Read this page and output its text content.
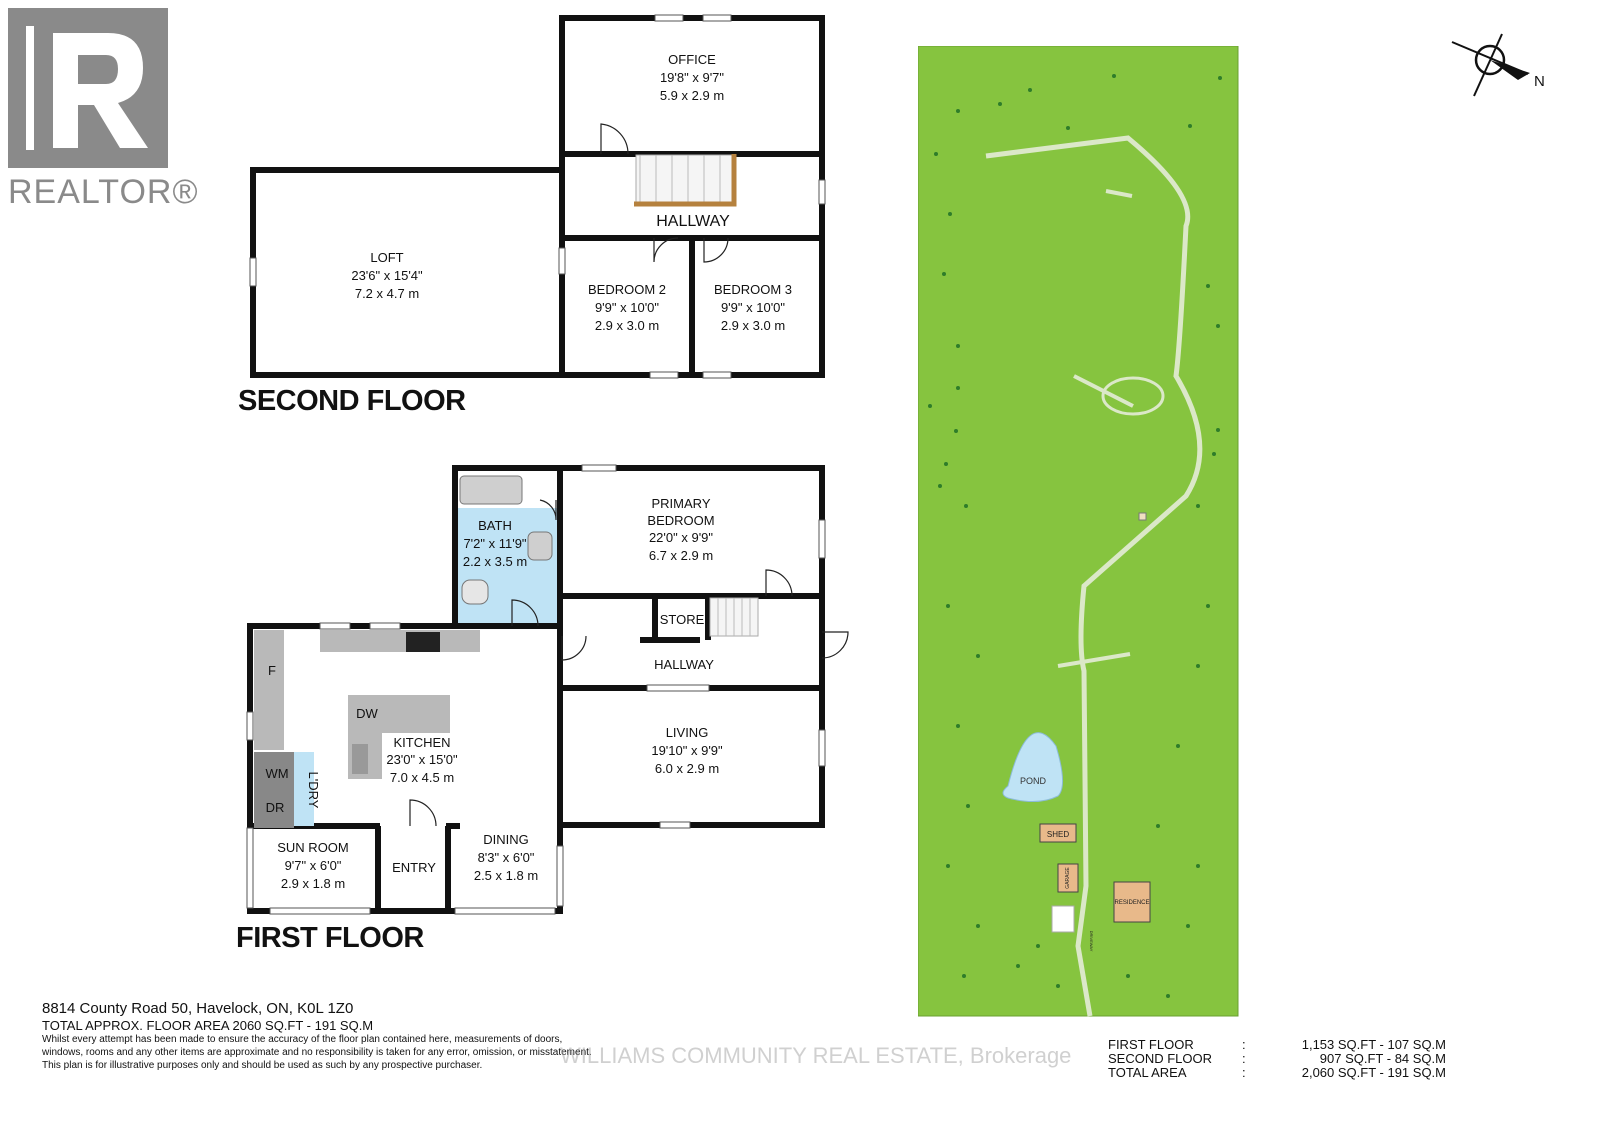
REALTOR®
N
OFFICE
19'8" x 9'7"
5.9 x 2.9 m
HALLWAY
LOFT
23'6" x 15'4"
7.2 x 4.7 m	BEDROOM 2
9'9" x 10'0"
2.9 x 3.0 m
BEDROOM 3
9'9" x 10'0"
2.9 x 3.0 m
BATH
7'2" x 11'9"
2.2 x 3.5 m
PRIMARY
BEDROOM
22'0" x 9'9"
6.7 x 2.9 m
STORE
HALLWAY
KITCHEN
23'0" x 15'0"
7.0 x 4.5 m
LIVING
19'10" x 9'9"
6.0 x 2.9 m
DINING
8'3" x 6'0"
2.5 x 1.8 m
ENTRY
SUN ROOM
9'7" x 6'0"
2.9 x 1.8 m
F
DW
WM
DR L'DRY
SECOND FLOOR
FIRST FLOOR
POND
SHED
GARAGE
RESIDENCE
DRIVEWAY
8814 County Road 50, Havelock, ON, K0L 1Z0
TOTAL APPROX. FLOOR AREA 2060 SQ.FT - 191 SQ.M
Whilst every attempt has been made to ensure the accuracy of the floor plan contained here, measurements of doors,
windows, rooms and any other items are approximate and no responsibility is taken for any error, omission, or misstatement.
This plan is for illustrative purposes only and should be used as such by any prospective purchaser.	WILLIAMS COMMUNITY REAL ESTATE, Brokerage	FIRST FLOOR	:	1,153 SQ.FT - 107 SQ.M
SECOND FLOOR :	907 SQ.FT - 84 SQ.M
TOTAL AREA	:	2,060 SQ.FT - 191 SQ.M
